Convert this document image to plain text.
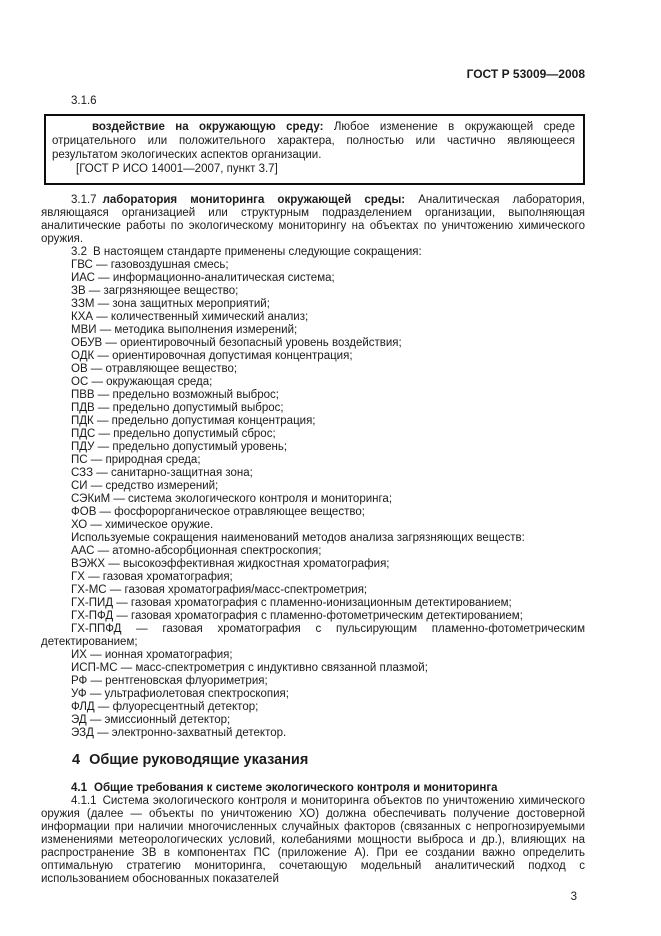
ГОСТ Р 53009—2008
3.1.6

воздействие на окружающую среду: Любое изменение в окружающей среде отрицательного или положительного характера, полностью или частично являющееся результатом экологических аспектов организации.

[ГОСТ Р ИСО 14001—2007, пункт 3.7]

3.1.7 лаборатория мониторинга окружающей среды: Аналитическая лаборатория, являющаяся организацией или структурным подразделением организации, выполняющая аналитические работы по экологическому мониторингу на объектах по уничтожению химического оружия.

3.2 В настоящем стандарте применены следующие сокращения:

ГВС — газовоздушная смесь;

ИАС — информационно-аналитическая система;

ЗВ — загрязняющее вещество;

ЗЗМ — зона защитных мероприятий;

КХА — количественный химический анализ;

МВИ — методика выполнения измерений;

ОБУВ — ориентировочный безопасный уровень воздействия;

ОДК — ориентировочная допустимая концентрация;

ОВ — отравляющее вещество;

ОС — окружающая среда;

ПВВ — предельно возможный выброс;

ПДВ — предельно допустимый выброс;

ПДК — предельно допустимая концентрация;

ПДС — предельно допустимый сброс;

ПДУ — предельно допустимый уровень;

ПС — природная среда;

СЗЗ — санитарно-защитная зона;

СИ — средство измерений;

СЭКиМ — система экологического контроля и мониторинга;

ФОВ — фосфорорганическое отравляющее вещество;

ХО — химическое оружие.

Используемые сокращения наименований методов анализа загрязняющих веществ:

ААС — атомно-абсорбционная спектроскопия;

ВЭЖХ — высокоэффективная жидкостная хроматография;

ГХ — газовая хроматография;

ГХ-МС — газовая хроматография/масс-спектрометрия;

ГХ-ПИД — газовая хроматография с пламенно-ионизационным детектированием;

ГХ-ПФД — газовая хроматография с пламенно-фотометрическим детектированием;

ГХ-ППФД — газовая хроматография с пульсирующим пламенно-фотометрическим детектированием;

ИХ — ионная хроматография;

ИСП-МС — масс-спектрометрия с индуктивно связанной плазмой;

РФ — рентгеновская флуориметрия;

УФ — ультрафиолетовая спектроскопия;

ФЛД — флуоресцентный детектор;

ЭД — эмиссионный детектор;

ЭЗД — электронно-захватный детектор.

4 Общие руководящие указания
4.1 Общие требования к системе экологического контроля и мониторинга

4.1.1 Система экологического контроля и мониторинга объектов по уничтожению химического оружия (далее — объекты по уничтожению ХО) должна обеспечивать получение достоверной информации при наличии многочисленных случайных факторов (связанных с непрогнозируемыми изменениями метеорологических условий, колебаниями мощности выброса и др.), влияющих на распространение ЗВ в компонентах ПС (приложение А). При ее создании важно определить оптимальную стратегию мониторинга, сочетающую модельный аналитический подход с использованием обоснованных показателей

3
